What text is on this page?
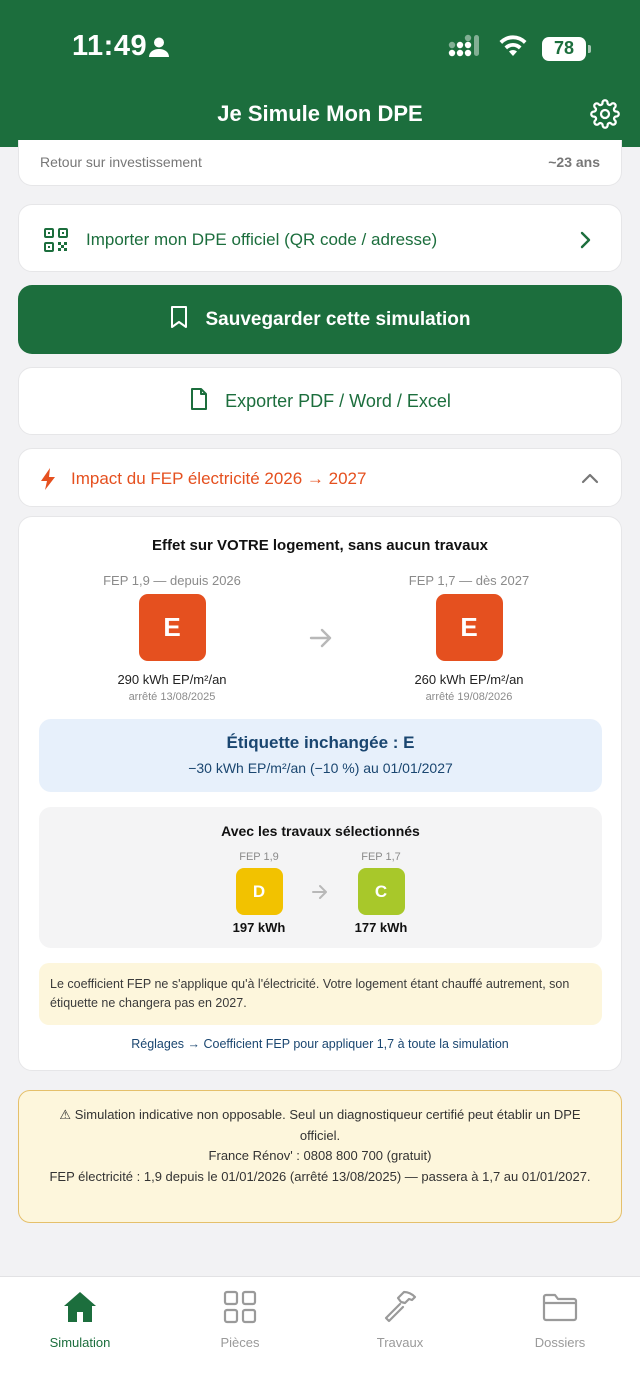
11:49	78
Je Simule Mon DPE
Retour sur investissement	~23 ans
Importer mon DPE officiel (QR code / adresse)
Sauvegarder cette simulation
Exporter PDF / Word / Excel
Impact du FEP électricité 2026 → 2027
Effet sur VOTRE logement, sans aucun travaux
FEP 1,9 — depuis 2026
E
290 kWh EP/m²/an
arrêté 13/08/2025
FEP 1,7 — dès 2027
E
260 kWh EP/m²/an
arrêté 19/08/2026
Étiquette inchangée : E
−30 kWh EP/m²/an (−10 %) au 01/01/2027
Avec les travaux sélectionnés
FEP 1,9
D
197 kWh
FEP 1,7
C
177 kWh
Le coefficient FEP ne s'applique qu'à l'électricité. Votre logement étant chauffé autrement, son étiquette ne changera pas en 2027.
Réglages → Coefficient FEP pour appliquer 1,7 à toute la simulation
⚠ Simulation indicative non opposable. Seul un diagnostiqueur certifié peut établir un DPE officiel.
France Rénov' : 0808 800 700 (gratuit)
FEP électricité : 1,9 depuis le 01/01/2026 (arrêté 13/08/2025) — passera à 1,7 au 01/01/2027.
Simulation	Pièces	Travaux	Dossiers
